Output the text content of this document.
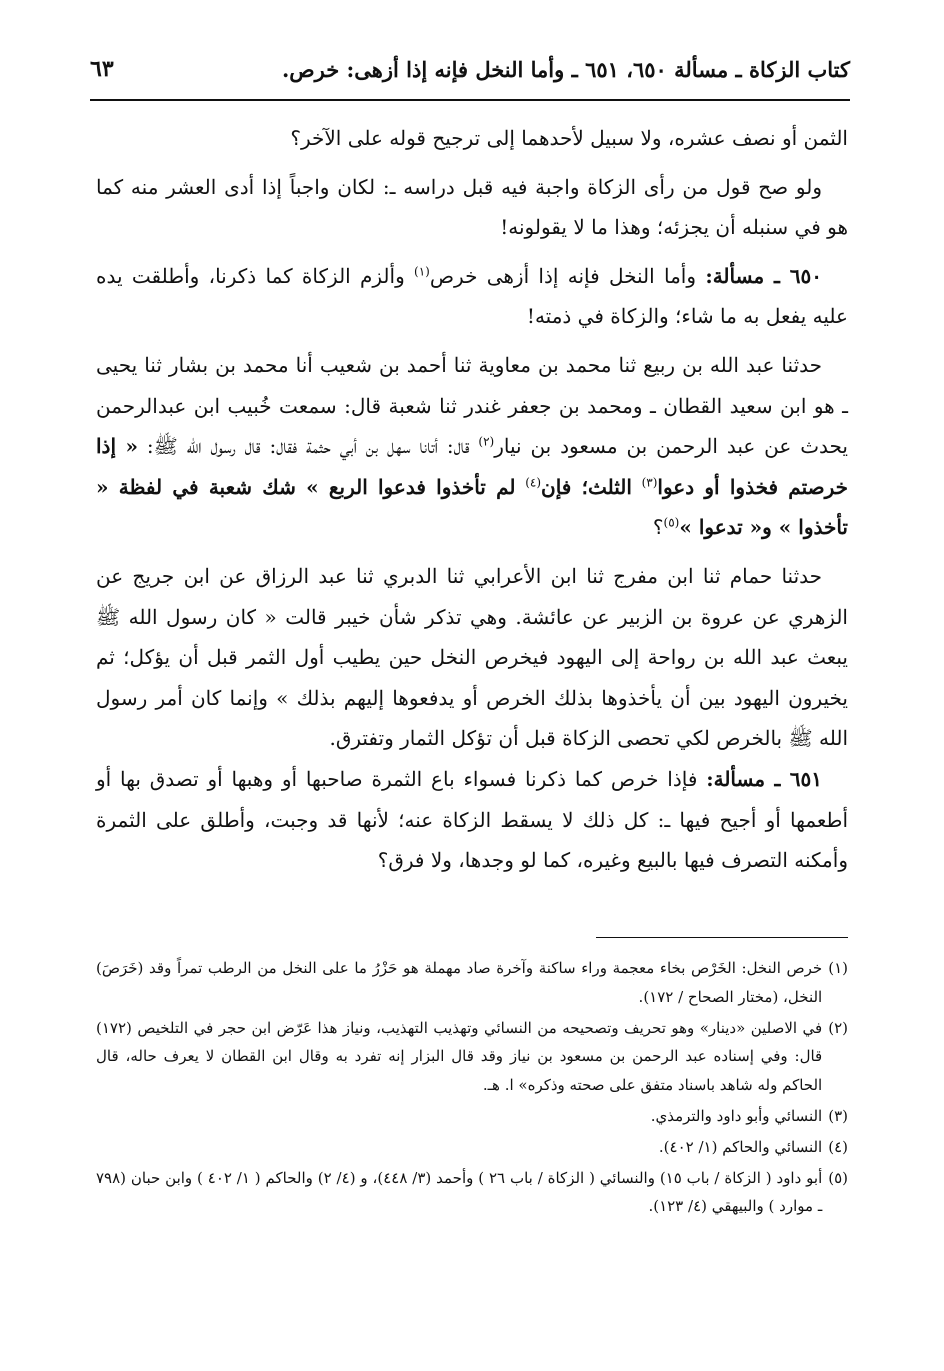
كتاب الزكاة ـ مسألة ٦٥٠، ٦٥١ ـ وأما النخل فإنه إذا أزهى: خرص.
٦٣

الثمن أو نصف عشره، ولا سبيل لأحدهما إلى ترجيح قوله على الآخر؟

ولو صح قول من رأى الزكاة واجبة فيه قبل دراسه ـ: لكان واجباً إذا أدى العشر منه كما هو في سنبله أن يجزئه؛ وهذا ما لا يقولونه!

٦٥٠ ـ مسألة: وأما النخل فإنه إذا أزهى خرص$^{(١)}$ وألزم الزكاة كما ذكرنا، وأطلقت يده عليه يفعل به ما شاء؛ والزكاة في ذمته!

حدثنا عبد الله بن ربيع ثنا محمد بن معاوية ثنا أحمد بن شعيب أنا محمد بن بشار ثنا يحيى ـ هو ابن سعيد القطان ـ ومحمد بن جعفر غندر ثنا شعبة قال: سمعت خُبيب ابن عبدالرحمن يحدث عن عبد الرحمن بن مسعود بن نيار$^{(٢)}$ قال: أتانا سهل بن أبي حثمة فقال: قال رسول الله ﷺ: « إذا خرصتم فخذوا أو دعوا$^{(٣)}$ الثلث؛ فإن$^{(٤)}$ لم تأخذوا فدعوا الربع » شك شعبة في لفظة « تأخذوا » و« تدعوا »$^{(٥)}$؟

حدثنا حمام ثنا ابن مفرج ثنا ابن الأعرابي ثنا الدبري ثنا عبد الرزاق عن ابن جريج عن الزهري عن عروة بن الزبير عن عائشة. وهي تذكر شأن خيبر قالت « كان رسول الله ﷺ يبعث عبد الله بن رواحة إلى اليهود فيخرص النخل حين يطيب أول الثمر قبل أن يؤكل؛ ثم يخيرون اليهود بين أن يأخذوها بذلك الخرص أو يدفعوها إليهم بذلك » وإنما كان أمر رسول الله ﷺ بالخرص لكي تحصى الزكاة قبل أن تؤكل الثمار وتفترق.

٦٥١ ـ مسألة: فإذا خرص كما ذكرنا فسواء باع الثمرة صاحبها أو وهبها أو تصدق بها أو أطعمها أو أجيح فيها ـ: كل ذلك لا يسقط الزكاة عنه؛ لأنها قد وجبت، وأطلق على الثمرة وأمكنه التصرف فيها بالبيع وغيره، كما لو وجدها، ولا فرق؟

(١)
خرص النخل: الخَرْص بخاء معجمة وراء ساكنة وآخرة صاد مهملة هو حَزْرُ ما على النخل من الرطب تمراً وقد (خَرَصَ) النخل، (مختار الصحاح / ١٧٢).
(٢)
في الاصلين «دينار» وهو تحريف وتصحيحه من النسائي وتهذيب التهذيب، ونياز هذا عَرّض ابن حجر في التلخيص (١٧٢) قال: وفي إسناده عبد الرحمن بن مسعود بن نياز وقد قال البزار إنه تفرد به وقال ابن القطان لا يعرف حاله، قال الحاكم وله شاهد باسناد متفق على صحته وذكره» ا. هـ.
(٣)
النسائي وأبو داود والترمذي.
(٤)
النسائي والحاكم (١/ ٤٠٢).
(٥)
أبو داود ( الزكاة / باب ١٥) والنسائي ( الزكاة / باب ٢٦ ) وأحمد (٣/ ٤٤٨)، و (٤/ ٢) والحاكم ( ١/ ٤٠٢ ) وابن حبان (٧٩٨ ـ موارد ) والبيهقي (٤/ ١٢٣).
